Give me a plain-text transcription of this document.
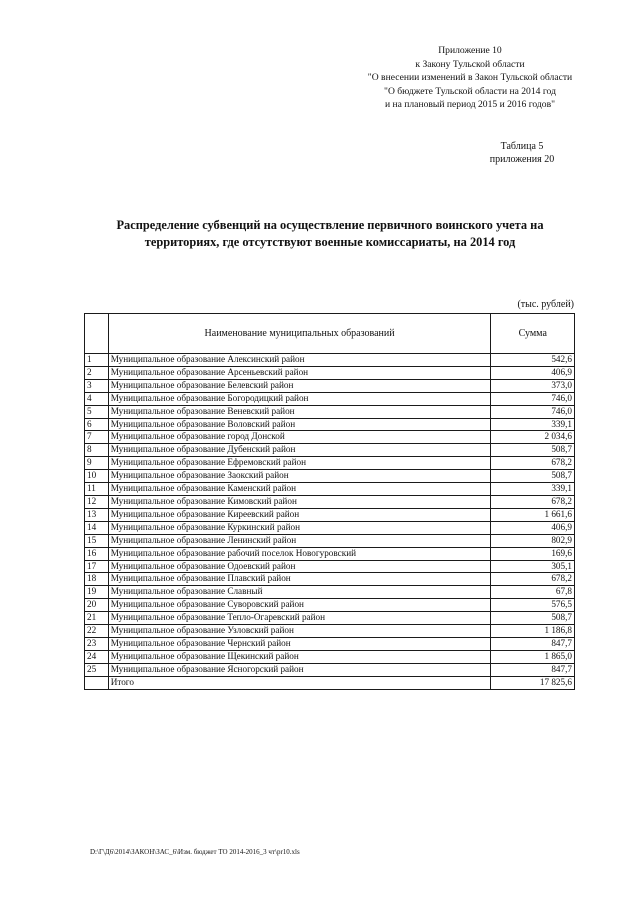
Приложение 10
к Закону Тульской области
"О внесении изменений в Закон Тульской области
"О бюджете Тульской области на 2014 год
и на плановый период 2015 и 2016 годов"
Таблица 5
приложения 20
Распределение субвенций на осуществление первичного воинского учета на
территориях, где отсутствуют военные комиссариаты, на 2014 год
(тыс. рублей)
	Наименование муниципальных образований	Сумма
1	Муниципальное образование Алексинский район	542,6
2	Муниципальное образование Арсеньевский район	406,9
3	Муниципальное образование Белевский район	373,0
4	Муниципальное образование Богородицкий район	746,0
5	Муниципальное образование Веневский район	746,0
6	Муниципальное образование Воловский район	339,1
7	Муниципальное образование город Донской	2 034,6
8	Муниципальное образование Дубенский район	508,7
9	Муниципальное образование Ефремовский район	678,2
10	Муниципальное образование Заокский район	508,7
11	Муниципальное образование Каменский район	339,1
12	Муниципальное образование Кимовский район	678,2
13	Муниципальное образование Киреевский район	1 661,6
14	Муниципальное образование Куркинский район	406,9
15	Муниципальное образование Ленинский район	802,9
16	Муниципальное образование рабочий поселок Новогуровский	169,6
17	Муниципальное образование Одоевский район	305,1
18	Муниципальное образование Плавский район	678,2
19	Муниципальное образование Славный	67,8
20	Муниципальное образование Суворовский район	576,5
21	Муниципальное образование Тепло-Огаревский район	508,7
22	Муниципальное образование Узловский район	1 186,8
23	Муниципальное образование Чернский район	847,7
24	Муниципальное образование Щекинский район	1 865,0
25	Муниципальное образование Ясногорский район	847,7
	Итого	17 825,6
D:\Г\Д6\2014\ЗАКОН\ЗАС_6\Изм. бюджет ТО 2014-2016_3 чт\pr10.xls
